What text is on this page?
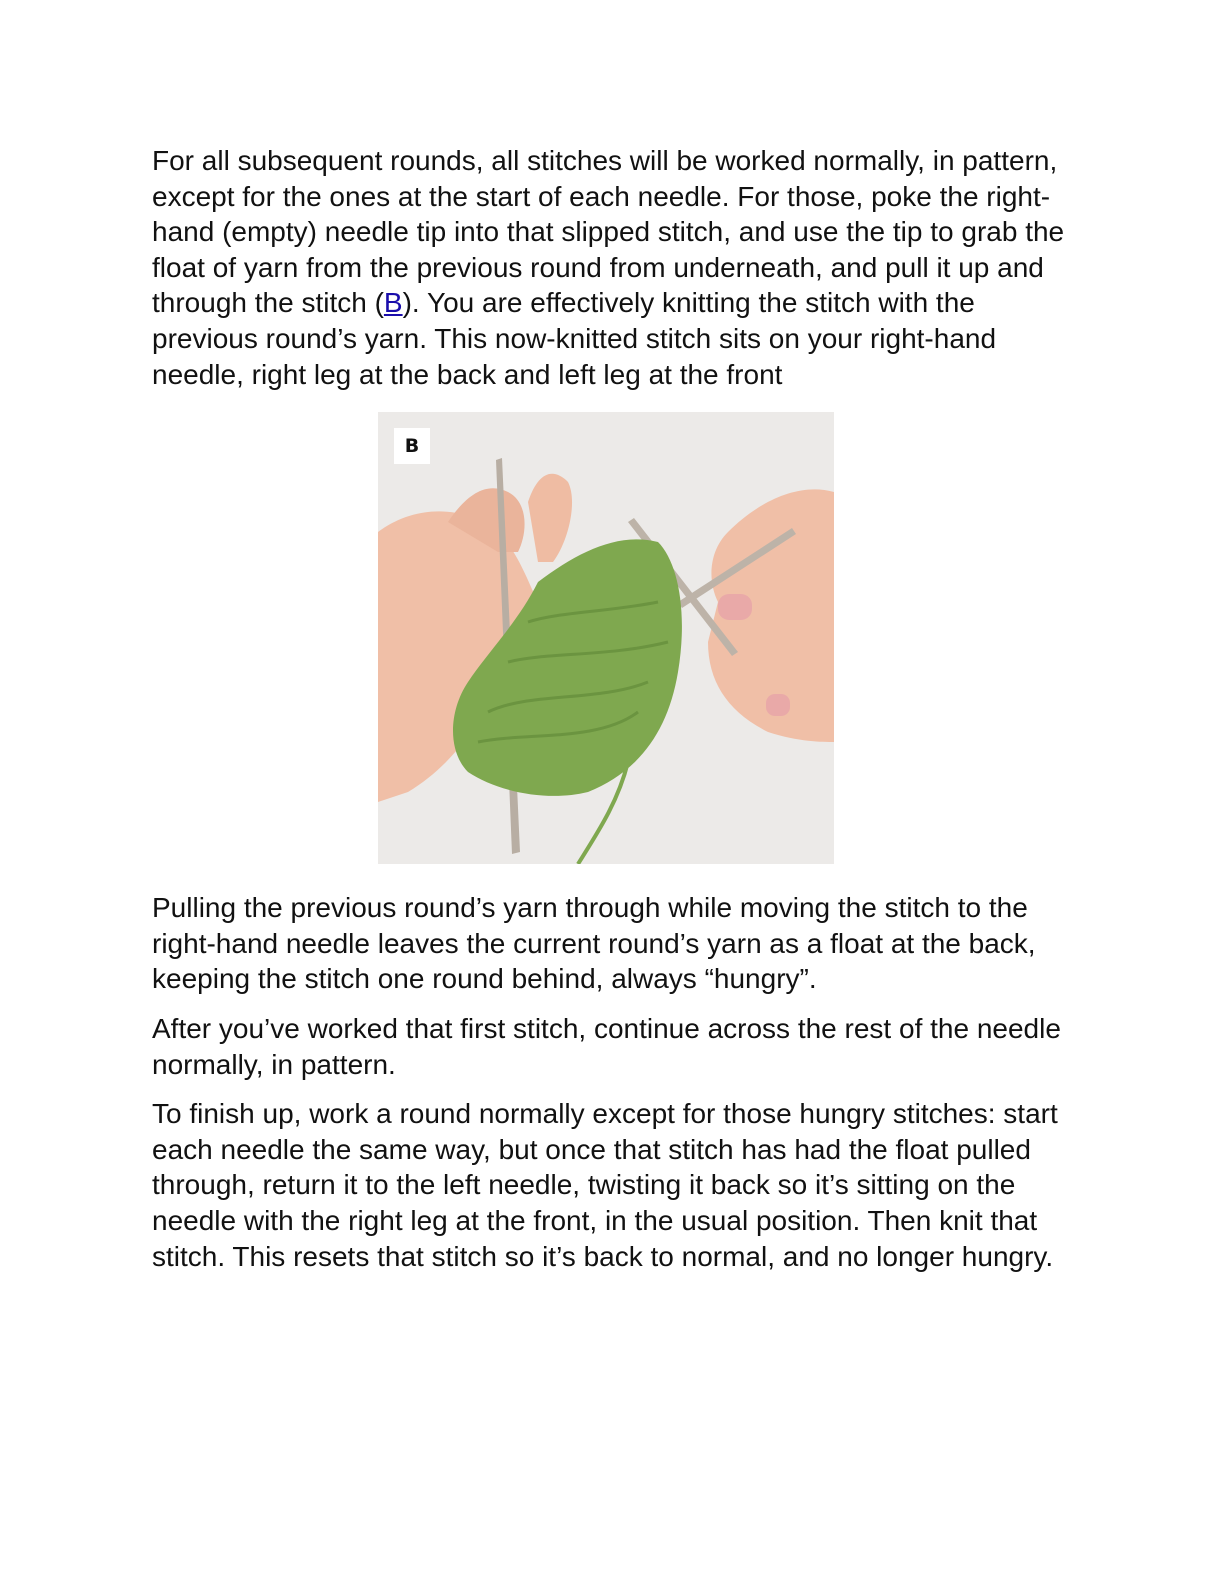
For all subsequent rounds, all stitches will be worked normally, in pattern, except for the ones at the start of each needle. For those, poke the right-hand (empty) needle tip into that slipped stitch, and use the tip to grab the float of yarn from the previous round from underneath, and pull it up and through the stitch (B). You are effectively knitting the stitch with the previous round’s yarn. This now-knitted stitch sits on your right-hand needle, right leg at the back and left leg at the front

B

Pulling the previous round’s yarn through while moving the stitch to the right-hand needle leaves the current round’s yarn as a float at the back, keeping the stitch one round behind, always “hungry”.

After you’ve worked that first stitch, continue across the rest of the needle normally, in pattern.

To finish up, work a round normally except for those hungry stitches: start each needle the same way, but once that stitch has had the float pulled through, return it to the left needle, twisting it back so it’s sitting on the needle with the right leg at the front, in the usual position. Then knit that stitch. This resets that stitch so it’s back to normal, and no longer hungry.
